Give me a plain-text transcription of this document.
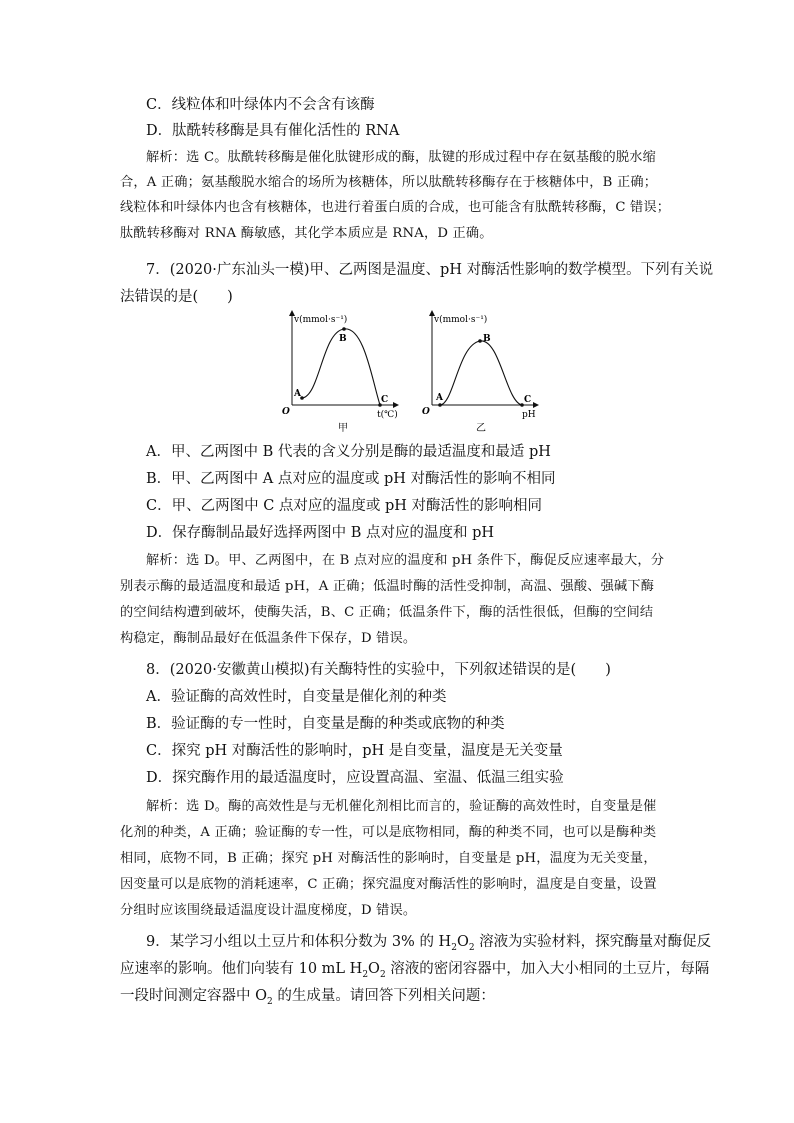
C．线粒体和叶绿体内不会含有该酶
D．肽酰转移酶是具有催化活性的 RNA
解析：选 C。肽酰转移酶是催化肽键形成的酶，肽键的形成过程中存在氨基酸的脱水缩
合，A 正确；氨基酸脱水缩合的场所为核糖体，所以肽酰转移酶存在于核糖体中，B 正确；
线粒体和叶绿体内也含有核糖体，也进行着蛋白质的合成，也可能含有肽酰转移酶，C 错误；
肽酰转移酶对 RNA 酶敏感，其化学本质应是 RNA，D 正确。
7．(2020·广东汕头一模)甲、乙两图是温度、pH 对酶活性影响的数学模型。下列有关说
法错误的是(　　)
v(mmol·s⁻¹)
A
B
C
O	t(℃)
甲
v(mmol·s⁻¹)
A
B
C
O	pH
乙
A．甲、乙两图中 B 代表的含义分别是酶的最适温度和最适 pH
B．甲、乙两图中 A 点对应的温度或 pH 对酶活性的影响不相同
C．甲、乙两图中 C 点对应的温度或 pH 对酶活性的影响相同
D．保存酶制品最好选择两图中 B 点对应的温度和 pH
解析：选 D。甲、乙两图中，在 B 点对应的温度和 pH 条件下，酶促反应速率最大，分
别表示酶的最适温度和最适 pH，A 正确；低温时酶的活性受抑制，高温、强酸、强碱下酶
的空间结构遭到破坏，使酶失活，B、C 正确；低温条件下，酶的活性很低，但酶的空间结
构稳定，酶制品最好在低温条件下保存，D 错误。
8．(2020·安徽黄山模拟)有关酶特性的实验中，下列叙述错误的是(　　)
A．验证酶的高效性时，自变量是催化剂的种类
B．验证酶的专一性时，自变量是酶的种类或底物的种类
C．探究 pH 对酶活性的影响时，pH 是自变量，温度是无关变量
D．探究酶作用的最适温度时，应设置高温、室温、低温三组实验
解析：选 D。酶的高效性是与无机催化剂相比而言的，验证酶的高效性时，自变量是催
化剂的种类，A 正确；验证酶的专一性，可以是底物相同，酶的种类不同，也可以是酶种类
相同，底物不同，B 正确；探究 pH 对酶活性的影响时，自变量是 pH，温度为无关变量，
因变量可以是底物的消耗速率，C 正确；探究温度对酶活性的影响时，温度是自变量，设置
分组时应该围绕最适温度设计温度梯度，D 错误。
9．某学习小组以土豆片和体积分数为 3% 的 $H_2O_2$ 溶液为实验材料，探究酶量对酶促反
应速率的影响。他们向装有 10 mL $H_2O_2$ 溶液的密闭容器中，加入大小相同的土豆片，每隔
一段时间测定容器中 $O_2$ 的生成量。请回答下列相关问题：
